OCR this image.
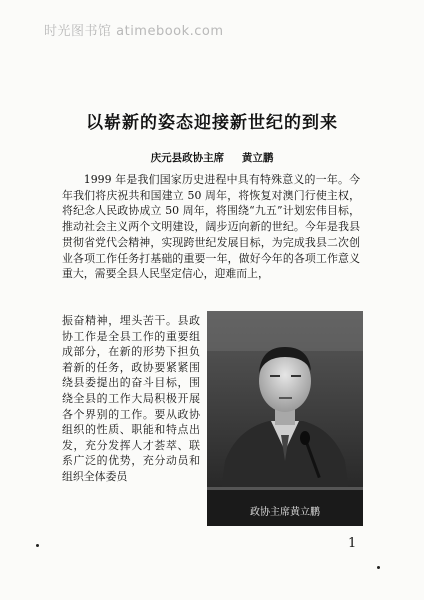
时光图书馆 atimebook.com
以崭新的姿态迎接新世纪的到来
庆元县政协主席 黄立鹏

1999 年是我们国家历史进程中具有特殊意义的一年。今年我们将庆祝共和国建立 50 周年，将恢复对澳门行使主权，将纪念人民政协成立 50 周年，将围绕“九五”计划宏伟目标，推动社会主义两个文明建设，阔步迈向新的世纪。今年是我县贯彻省党代会精神，实现跨世纪发展目标，为完成我县二次创业各项工作任务打基础的重要一年，做好今年的各项工作意义重大，需要全县人民坚定信心，迎难而上，

振奋精神，埋头苦干。县政协工作是全县工作的重要组成部分，在新的形势下担负着新的任务，政协要紧紧围绕县委提出的奋斗目标，围绕全县的工作大局积极开展各个界别的工作。要从政协组织的性质、职能和特点出发，充分发挥人才荟萃、联系广泛的优势，充分动员和组织全体委员

政协主席黄立鹏
1
